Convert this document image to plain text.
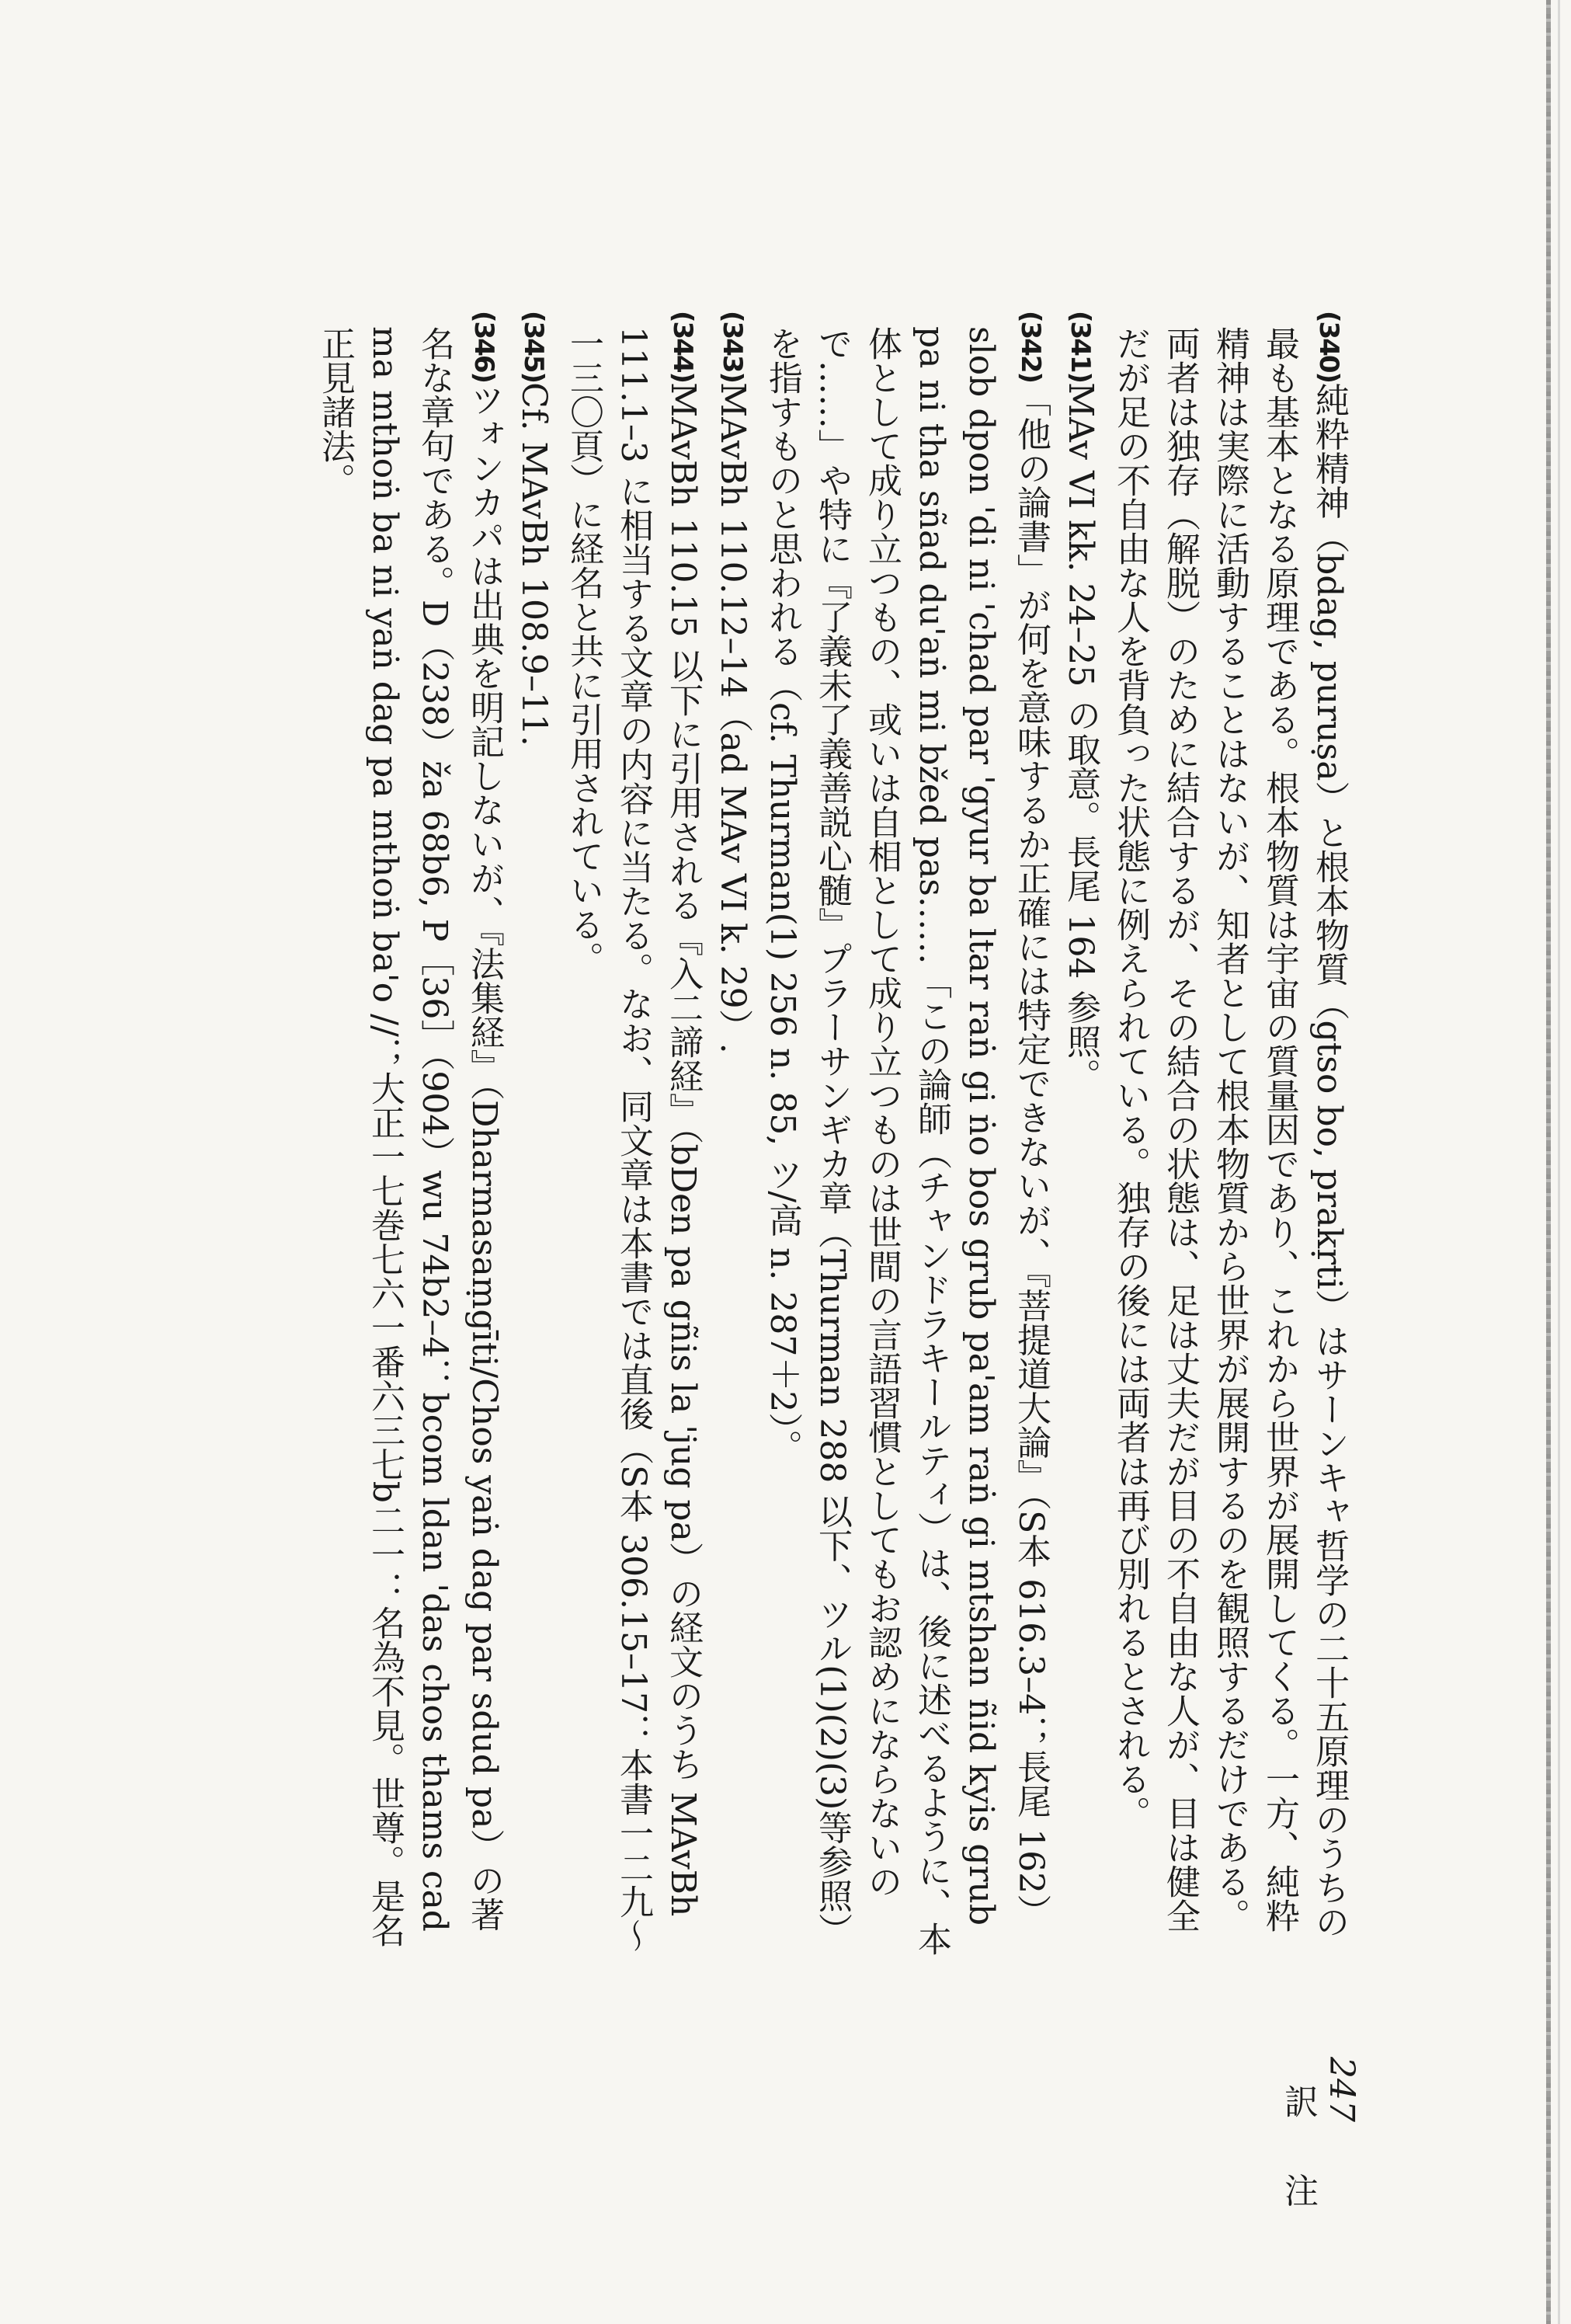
(340)純粋精神（bdag, puruṣa）と根本物質（gtso bo, prakṛti）はサーンキャ哲学の二十五原理のうちの最も基本となる原理である。根本物質は宇宙の質量因であり、これから世界が展開してくる。一方、純粋精神は実際に活動することはないが、知者として根本物質から世界が展開するのを観照するだけである。両者は独存（解脱）のために結合するが、その結合の状態は、足は丈夫だが目の不自由な人が、目は健全だが足の不自由な人を背負った状態に例えられている。独存の後には両者は再び別れるとされる。
(341)MAv VI kk. 24–25 の取意。長尾 164 参照。
(342)「他の論書」が何を意味するか正確には特定できないが、『菩提道大論』（S本 616.3–4；長尾 162）slob dpon 'di ni 'chad par 'gyur ba ltar raṅ gi ṅo bos grub pa'am raṅ gi mtshan ñid kyis grub pa ni tha sñad du'aṅ mi bžed pas……「この論師（チャンドラキールティ）は、後に述べるように、本体として成り立つもの、或いは自相として成り立つものは世間の言語習慣としてもお認めにならないので……」や特に『了義未了義善説心髄』プラーサンギカ章（Thurman 288 以下、ツル(1)(2)(3)等参照）を指すものと思われる（cf. Thurman(1) 256 n. 85, ツ/高 n. 287＋2）。
(343)MAvBh 110.12–14（ad MAv VI k. 29）.
(344)MAvBh 110.15 以下に引用される『入二諦経』（bDen pa gñis la 'jug pa）の経文のうち MAvBh 111.1–3 に相当する文章の内容に当たる。なお、同文章は本書では直後（S本 306.15–17：本書一二九～一三〇頁）に経名と共に引用されている。
(345)Cf. MAvBh 108.9–11.
(346)ツォンカパは出典を明記しないが、『法集経』（Dharmasaṃgīti/Chos yaṅ dag par sdud pa）の著名な章句である。D（238）ža 68b6, P［36］（904）wu 74b2–4：bcom ldan 'das chos thams cad ma mthoṅ ba ni yaṅ dag pa mthoṅ ba'o //；大正一七巻七六一番六三七b二一：名為不見。世尊。是名正見諸法。
247 訳注
